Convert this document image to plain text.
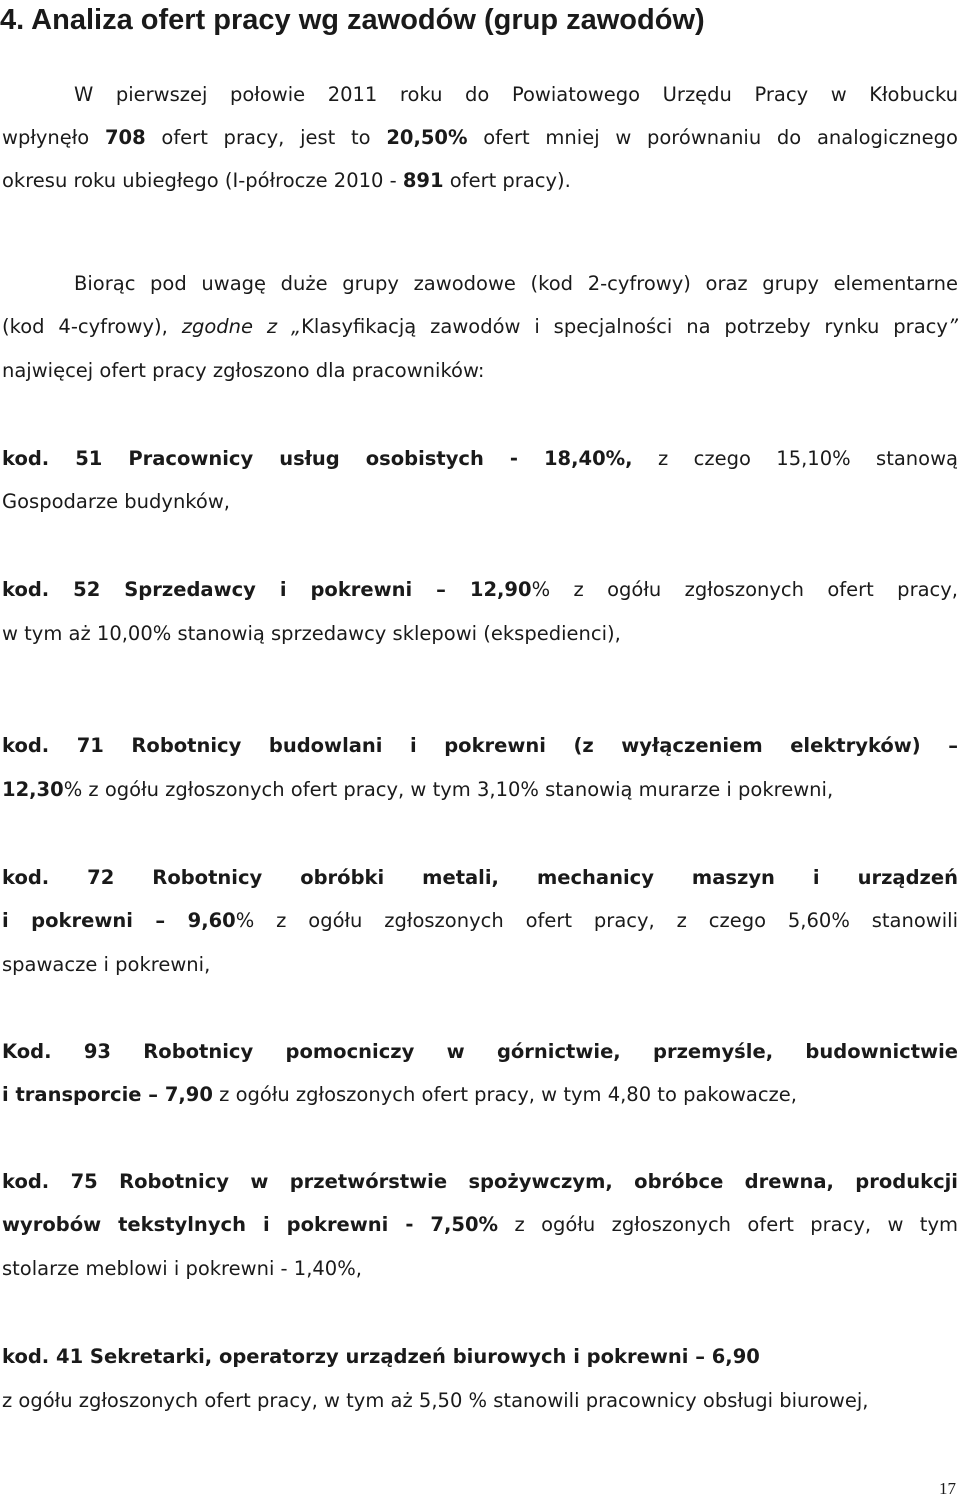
4. Analiza ofert pracy wg zawodów (grup zawodów)

W pierwszej połowie 2011 roku do Powiatowego Urzędu Pracy w Kłobucku

wpłynęło 708 ofert pracy, jest to 20,50% ofert mniej w porównaniu do analogicznego

okresu roku ubiegłego (I-półrocze 2010 - 891 ofert pracy).

Biorąc pod uwagę duże grupy zawodowe (kod 2-cyfrowy) oraz grupy elementarne

(kod 4-cyfrowy), zgodne z „Klasyfikacją zawodów i specjalności na potrzeby rynku pracy”

najwięcej ofert pracy zgłoszono dla pracowników:

kod. 51 Pracownicy usług osobistych - 18,40%, z czego 15,10% stanową

Gospodarze budynków,

kod. 52 Sprzedawcy i pokrewni – 12,90% z ogółu zgłoszonych ofert pracy,

w tym aż 10,00% stanowią sprzedawcy sklepowi (ekspedienci),

kod. 71 Robotnicy budowlani i pokrewni (z wyłączeniem elektryków) –

12,30% z ogółu zgłoszonych ofert pracy, w tym 3,10% stanowią murarze i pokrewni,

kod. 72 Robotnicy obróbki metali, mechanicy maszyn i urządzeń

i pokrewni – 9,60% z ogółu zgłoszonych ofert pracy, z czego 5,60% stanowili

spawacze i pokrewni,

Kod. 93 Robotnicy pomocniczy w górnictwie, przemyśle, budownictwie

i transporcie – 7,90 z ogółu zgłoszonych ofert pracy, w tym 4,80 to pakowacze,

kod. 75 Robotnicy w przetwórstwie spożywczym, obróbce drewna, produkcji

wyrobów tekstylnych i pokrewni - 7,50% z ogółu zgłoszonych ofert pracy, w tym

stolarze meblowi i pokrewni - 1,40%,

kod. 41 Sekretarki, operatorzy urządzeń biurowych i pokrewni – 6,90

z ogółu zgłoszonych ofert pracy, w tym aż 5,50 % stanowili pracownicy obsługi biurowej,

17
